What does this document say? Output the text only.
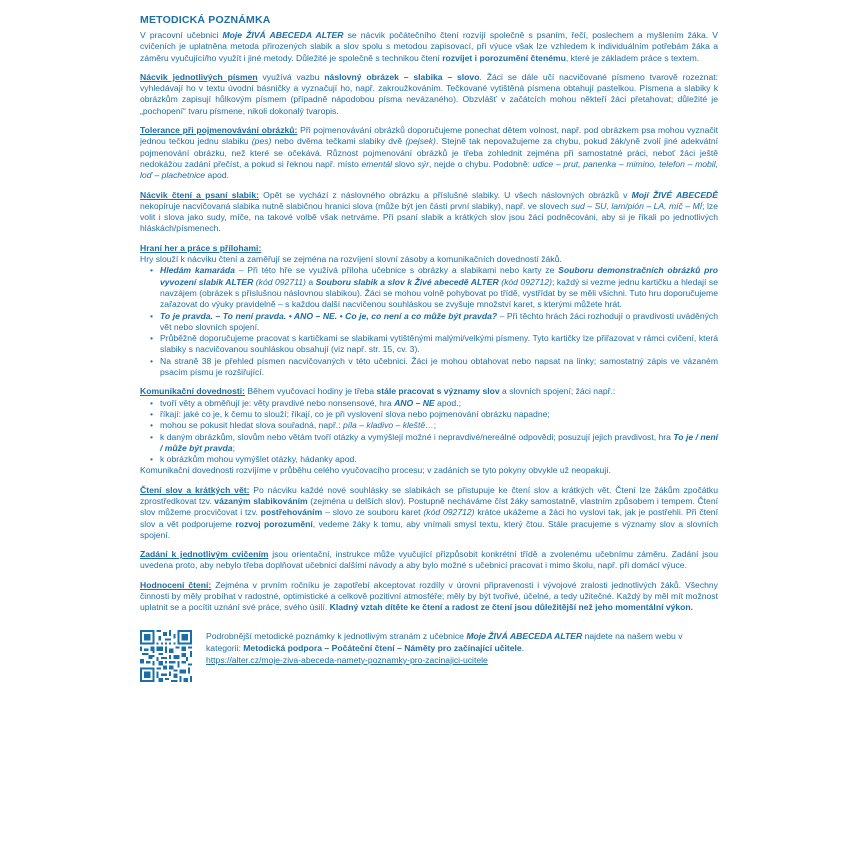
METODICKÁ POZNÁMKA

V pracovní učebnici Moje ŽIVÁ ABECEDA ALTER se nácvik počátečního čtení rozvíjí společně s psaním, řečí, poslechem a myšlením žáka. V cvičeních je uplatněna metoda přirozených slabik a slov spolu s metodou zapisovací, při výuce však lze vzhledem k individuálním potřebám žáka a záměru vyučující/ho využít i jiné metody. Důležité je společně s technikou čtení rozvíjet i porozumění čtenému, které je základem práce s textem.

Nácvik jednotlivých písmen využívá vazbu náslovný obrázek – slabika – slovo. Žáci se dále učí nacvičované písmeno tvarově rozeznat: vyhledávají ho v textu úvodní básničky a vyznačují ho, např. zakroužkováním. Tečkované vytištěná písmena obtahují pastelkou. Písmena a slabiky k obrázkům zapisují hůlkovým písmem (případně nápodobou písma nevázaného). Obzvlášť v začátcích mohou někteří žáci přetahovat; důležité je „pochopení“ tvaru písmene, nikoli dokonalý tvaropis.

Tolerance při pojmenovávání obrázků: Při pojmenovávání obrázků doporučujeme ponechat dětem volnost, např. pod obrázkem psa mohou vyznačit jednou tečkou jednu slabiku (pes) nebo dvěma tečkami slabiky dvě (pejsek). Stejně tak nepovažujeme za chybu, pokud žák/yně zvolí jiné adekvátní pojmenování obrázku, než které se očekává. Různost pojmenování obrázků je třeba zohlednit zejména při samostatné práci, neboť žáci ještě nedokážou zadání přečíst, a pokud si řeknou např. místo ementál slovo sýr, nejde o chybu. Podobně: udice – prut, panenka – mimino, telefon – mobil, loď – plachetnice apod.

Nácvik čtení a psaní slabik: Opět se vychází z náslovného obrázku a příslušné slabiky. U všech náslovných obrázků v Mojí ŽIVÉ ABECEDĚ nekopíruje nacvičovaná slabika nutně slabičnou hranici slova (může být jen částí první slabiky), např. ve slovech sud – SU, lam/pión – LA, míč – MÍ; lze volit i slova jako sudy, míče, na takové volbě však netrváme. Při psaní slabik a krátkých slov jsou žáci podněcováni, aby si je říkali po jednotlivých hláskách/písmenech.

Hraní her a práce s přílohami:

Hry slouží k nácviku čtení a zaměřují se zejména na rozvíjení slovní zásoby a komunikačních dovedností žáků.

• Hledám kamaráda – Při této hře se využívá příloha učebnice s obrázky a slabikami nebo karty ze Souboru demonstračních obrázků pro vyvození slabik ALTER (kód 092711) a Souboru slabik a slov k Živé abecedě ALTER (kód 092712); každý si vezme jednu kartičku a hledají se navzájem (obrázek s příslušnou náslovnou slabikou). Žáci se mohou volně pohybovat po třídě, vystřídat by se měli všichni. Tuto hru doporučujeme zařazovat do výuky pravidelně – s každou další nacvičenou souhláskou se zvyšuje množství karet, s kterými můžete hrát.
• To je pravda. – To není pravda. • ANO – NE. • Co je, co není a co může být pravda? – Při těchto hrách žáci rozhodují o pravdivosti uváděných vět nebo slovních spojení.
• Průběžně doporučujeme pracovat s kartičkami se slabikami vytištěnými malými/velkými písmeny. Tyto kartičky lze přiřazovat v rámci cvičení, která slabiky s nacvičovanou souhláskou obsahují (viz např. str. 15, cv. 3).
• Na straně 38 je přehled písmen nacvičovaných v této učebnici. Žáci je mohou obtahovat nebo napsat na linky; samostatný zápis ve vázaném psacím písmu je rozšiřující.

Komunikační dovednosti: Během vyučovací hodiny je třeba stále pracovat s významy slov a slovních spojení; žáci např.:

• tvoří věty a obměňují je: věty pravdivé nebo nonsensové, hra ANO – NE apod.;
• říkají: jaké co je, k čemu to slouží; říkají, co je při vyslovení slova nebo pojmenování obrázku napadne;
• mohou se pokusit hledat slova souřadná, např.: píla – kladivo – kleště…;
• k daným obrázkům, slovům nebo větám tvoří otázky a vymýšlejí možné i nepravdivé/nereálné odpovědi; posuzují jejich pravdivost, hra To je / není / může být pravda;
• k obrázkům mohou vymýšlet otázky, hádanky apod.

Komunikační dovednosti rozvíjíme v průběhu celého vyučovacího procesu; v zadáních se tyto pokyny obvykle už neopakují.

Čtení slov a krátkých vět: Po nácviku každé nové souhlásky se slabikách se přistupuje ke čtení slov a krátkých vět. Čtení lze žákům zpočátku zprostředkovat tzv. vázaným slabikováním (zejména u delších slov). Postupně necháváme číst žáky samostatně, vlastním způsobem i tempem. Čtení slov můžeme procvičovat i tzv. postřehováním – slovo ze souboru karet (kód 092712) krátce ukážeme a žáci ho vyslovi tak, jak je postřehli. Při čtení slov a vět podporujeme rozvoj porozumění, vedeme žáky k tomu, aby vnímali smysl textu, který čtou. Stále pracujeme s významy slov a slovních spojení.

Zadání k jednotlivým cvičením jsou orientační, instrukce může vyučující přizpůsobit konkrétní třídě a zvolenému učebnímu záměru. Zadání jsou uvedena proto, aby nebylo třeba doplňovat učebnici dalšími návody a aby bylo možné s učebnicí pracovat i mimo školu, např. při domácí výuce.

Hodnocení čtení: Zejména v prvním ročníku je zapotřebí akceptovat rozdíly v úrovni připravenosti i vývojové zralosti jednotlivých žáků. Všechny činnosti by měly probíhat v radostné, optimistické a celkově pozitivní atmosféře; měly by být tvořivé, účelné, a tedy užitečné. Každý by měl mít možnost uplatnit se a pocítit uznání své práce, svého úsilí. Kladný vztah dítěte ke čtení a radost ze čtení jsou důležitější než jeho momentální výkon.

Podrobnější metodické poznámky k jednotlivým stranám z učebnice Moje ŽIVÁ ABECEDA ALTER najdete na našem webu v kategorii: Metodická podpora – Počáteční čtení – Náměty pro začínající učitele.

https://alter.cz/moje-ziva-abeceda-namety-poznamky-pro-zacinajici-ucitele
